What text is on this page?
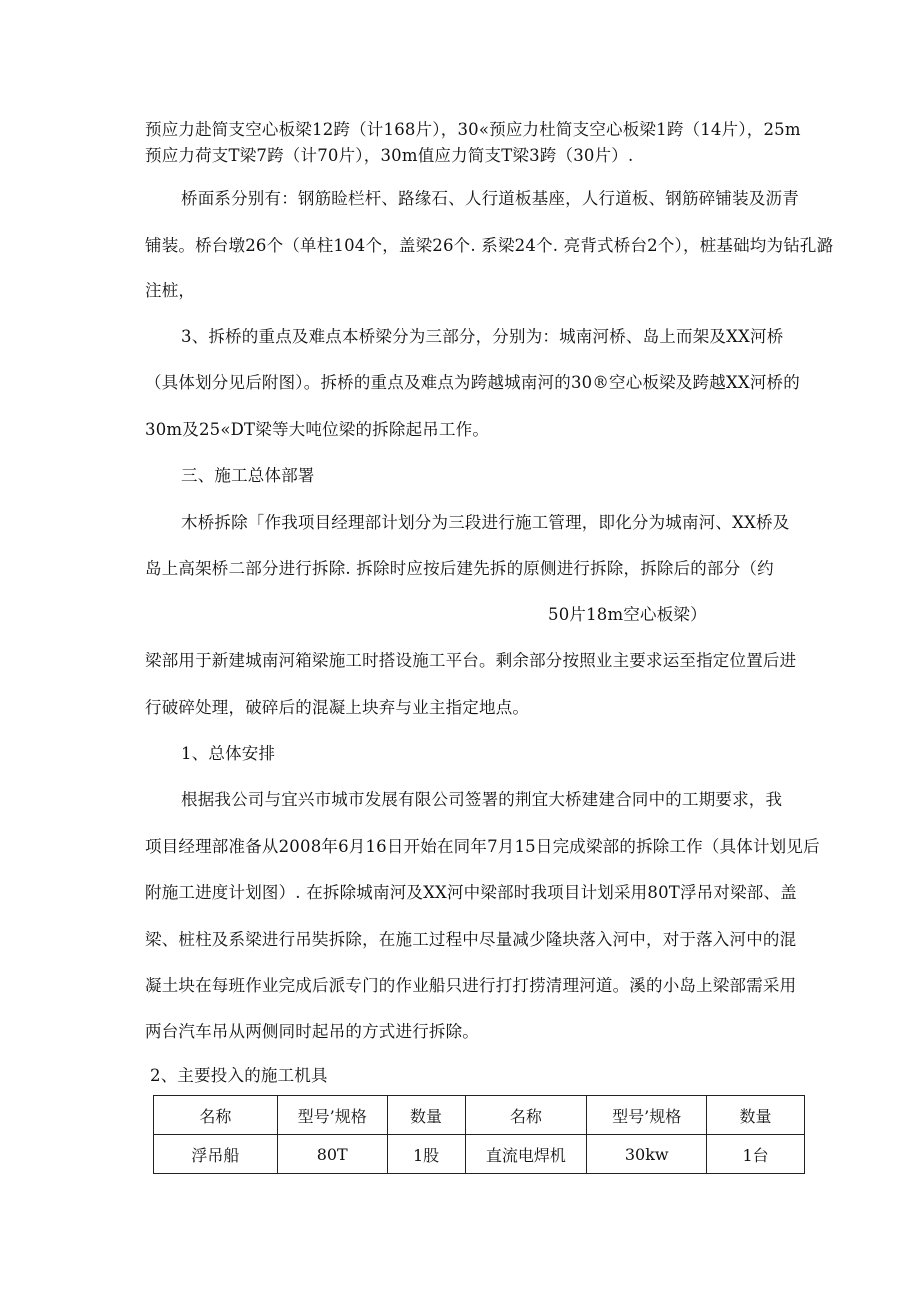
预应力赴简支空心板梁12跨（计168片），30«预应力杜简支空心板梁1跨（14片），25m
预应力荷支T梁7跨（计70片），30m值应力简支T梁3跨（30片）.
桥面系分别有：钢筋睑栏杆、路缘石、人行道板基座，人行道板、钢筋碎铺装及沥青
铺装。桥台墩26个（单柱104个，盖梁26个. 系梁24个. 亮背式桥台2个），桩基础均为钻孔潞
注桩，
3、拆桥的重点及难点本桥梁分为三部分，分别为：城南河桥、岛上而架及XX河桥
（具体划分见后附图）。拆桥的重点及难点为跨越城南河的30®空心板梁及跨越XX河桥的
30m及25«DT梁等大吨位梁的拆除起吊工作。
三、施工总体部署
木桥拆除「作我项目经理部计划分为三段进行施工管理，即化分为城南河、XX桥及
岛上高架桥二部分进行拆除. 拆除时应按后建先拆的原侧进行拆除，拆除后的部分（约
50片18m空心板梁）
梁部用于新建城南河箱梁施工时搭设施工平台。剩余部分按照业主要求运至指定位置后进
行破碎处理，破碎后的混凝上块弃与业主指定地点。
1、总体安排
根据我公司与宜兴市城市发展有限公司签署的荆宜大桥建建合同中的工期要求，我
项目经理部准备从2008年6月16日开始在同年7月15日完成梁部的拆除工作（具体计划见后
附施工进度计划图）. 在拆除城南河及XX河中梁部时我项目计划采用80T浮吊对梁部、盖
梁、桩柱及系梁进行吊奘拆除，在施工过程中尽量减少隆块落入河中，对于落入河中的混
凝土块在每班作业完成后派专门的作业船只进行打打捞清理河道。溪的小岛上梁部需采用
两台汽车吊从两侧同时起吊的方式进行拆除。
2、主要投入的施工机具
名称	型号’规格	数量	名称	型号’规格	数量
浮吊船	80T	1股	直流电焊机	30kw	1台
